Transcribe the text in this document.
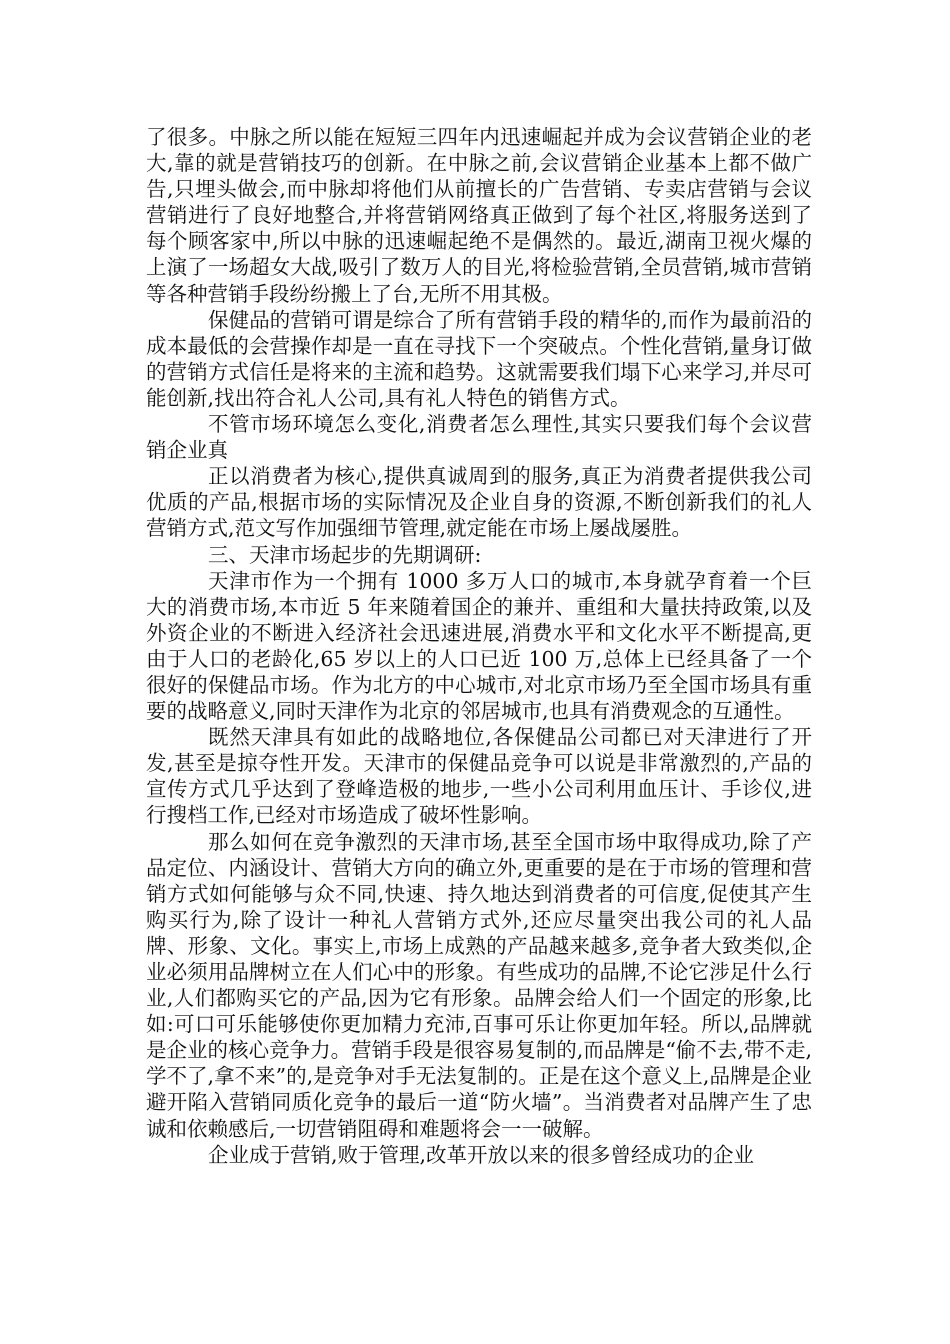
了很多。中脉之所以能在短短三四年内迅速崛起并成为会议营销企业的老大,靠的就是营销技巧的创新。在中脉之前,会议营销企业基本上都不做广告,只埋头做会,而中脉却将他们从前擅长的广告营销、专卖店营销与会议营销进行了良好地整合,并将营销网络真正做到了每个社区,将服务送到了每个顾客家中,所以中脉的迅速崛起绝不是偶然的。最近,湖南卫视火爆的上演了一场超女大战,吸引了数万人的目光,将检验营销,全员营销,城市营销等各种营销手段纷纷搬上了台,无所不用其极。

保健品的营销可谓是综合了所有营销手段的精华的,而作为最前沿的成本最低的会营操作却是一直在寻找下一个突破点。个性化营销,量身订做的营销方式信任是将来的主流和趋势。这就需要我们塌下心来学习,并尽可能创新,找出符合礼人公司,具有礼人特色的销售方式。

不管市场环境怎么变化,消费者怎么理性,其实只要我们每个会议营销企业真

正以消费者为核心,提供真诚周到的服务,真正为消费者提供我公司优质的产品,根据市场的实际情况及企业自身的资源,不断创新我们的礼人营销方式,范文写作加强细节管理,就定能在市场上屡战屡胜。

三、天津市场起步的先期调研:

天津市作为一个拥有 1000 多万人口的城市,本身就孕育着一个巨大的消费市场,本市近 5 年来随着国企的兼并、重组和大量扶持政策,以及外资企业的不断进入经济社会迅速进展,消费水平和文化水平不断提高,更由于人口的老龄化,65 岁以上的人口已近 100 万,总体上已经具备了一个很好的保健品市场。作为北方的中心城市,对北京市场乃至全国市场具有重要的战略意义,同时天津作为北京的邻居城市,也具有消费观念的互通性。

既然天津具有如此的战略地位,各保健品公司都已对天津进行了开发,甚至是掠夺性开发。天津市的保健品竞争可以说是非常激烈的,产品的宣传方式几乎达到了登峰造极的地步,一些小公司利用血压计、手诊仪,进行搜档工作,已经对市场造成了破坏性影响。

那么如何在竞争激烈的天津市场,甚至全国市场中取得成功,除了产品定位、内涵设计、营销大方向的确立外,更重要的是在于市场的管理和营销方式如何能够与众不同,快速、持久地达到消费者的可信度,促使其产生购买行为,除了设计一种礼人营销方式外,还应尽量突出我公司的礼人品牌、形象、文化。事实上,市场上成熟的产品越来越多,竞争者大致类似,企业必须用品牌树立在人们心中的形象。有些成功的品牌,不论它涉足什么行业,人们都购买它的产品,因为它有形象。品牌会给人们一个固定的形象,比如:可口可乐能够使你更加精力充沛,百事可乐让你更加年轻。所以,品牌就是企业的核心竞争力。营销手段是很容易复制的,而品牌是“偷不去,带不走,学不了,拿不来”的,是竞争对手无法复制的。正是在这个意义上,品牌是企业避开陷入营销同质化竞争的最后一道“防火墙”。当消费者对品牌产生了忠诚和依赖感后,一切营销阻碍和难题将会一一破解。

企业成于营销,败于管理,改革开放以来的很多曾经成功的企业
